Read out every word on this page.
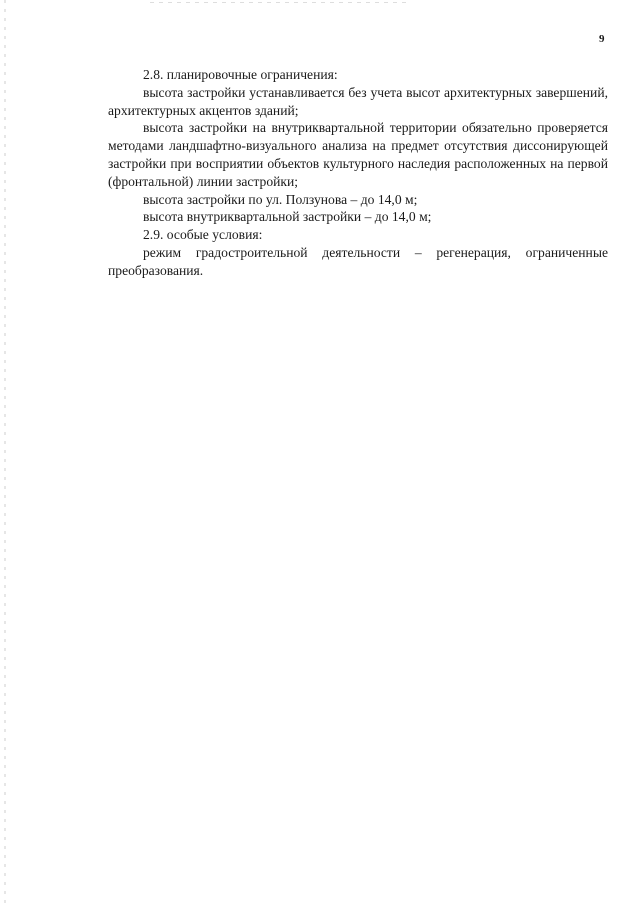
9

2.8. планировочные ограничения:

высота застройки устанавливается без учета высот архитектурных завершений, архитектурных акцентов зданий;

высота застройки на внутриквартальной территории обязательно проверяется методами ландшафтно-визуального анализа на предмет отсутствия диссонирующей застройки при восприятии объектов культурного наследия расположенных на первой (фронтальной) линии застройки;

высота застройки по ул. Ползунова – до 14,0 м;

высота внутриквартальной застройки – до 14,0 м;

2.9. особые условия:

режим градостроительной деятельности – регенерация, ограниченные преобразования.
